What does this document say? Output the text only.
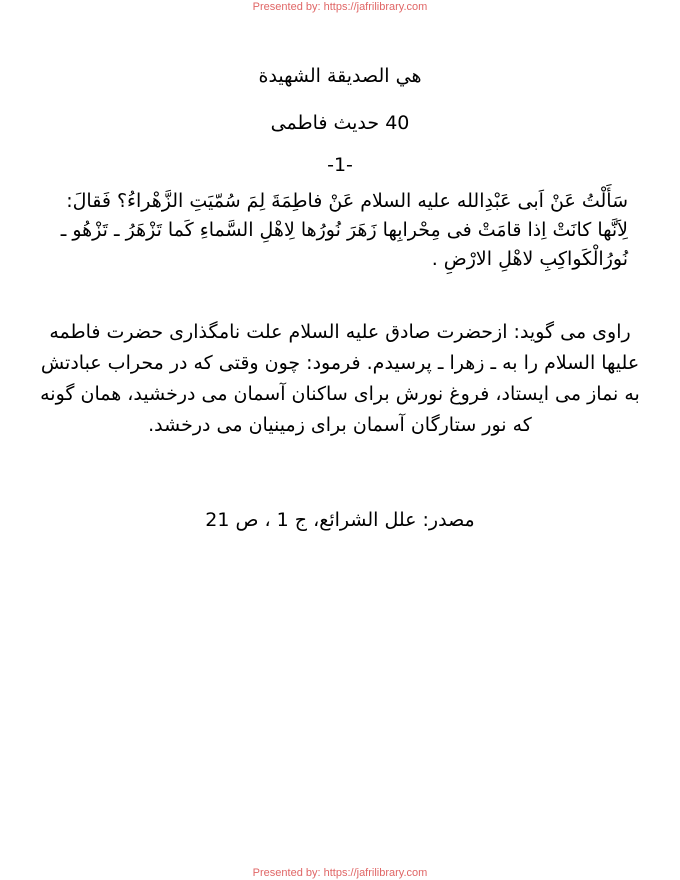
Presented by: https://jafrilibrary.com
هي الصديقة الشهيدة
40 حديث فاطمی
-1-
سَأَلْتُ عَنْ اَبی عَبْدِالله علیه السلام عَنْ فاطِمَةَ لِمَ سُمّیَتِ الزَّهْراءُ؟ فَقالَ: لِاَنَّها كانَتْ اِذا قامَتْ فی مِحْرابِها زَهَرَ نُورُها لِاهْلِ السَّماءِ كَما تَزْهَرُ ـ تَزْهُو ـ نُورُالْكَواكِبِ لاهْلِ الارْضِ .
راوی می گوید: ازحضرت صادق علیه السلام علت نامگذاری حضرت فاطمه علیها السلام را به ـ زهرا ـ پرسیدم. فرمود: چون وقتی که در محراب عبادتش به نماز می ایستاد، فروغ نورش برای ساکنان آسمان می درخشید، همان گونه که نور ستارگان آسمان برای زمینیان می درخشد.
مصدر: علل الشرائع، ج 1 ، ص 21
Presented by: https://jafrilibrary.com
